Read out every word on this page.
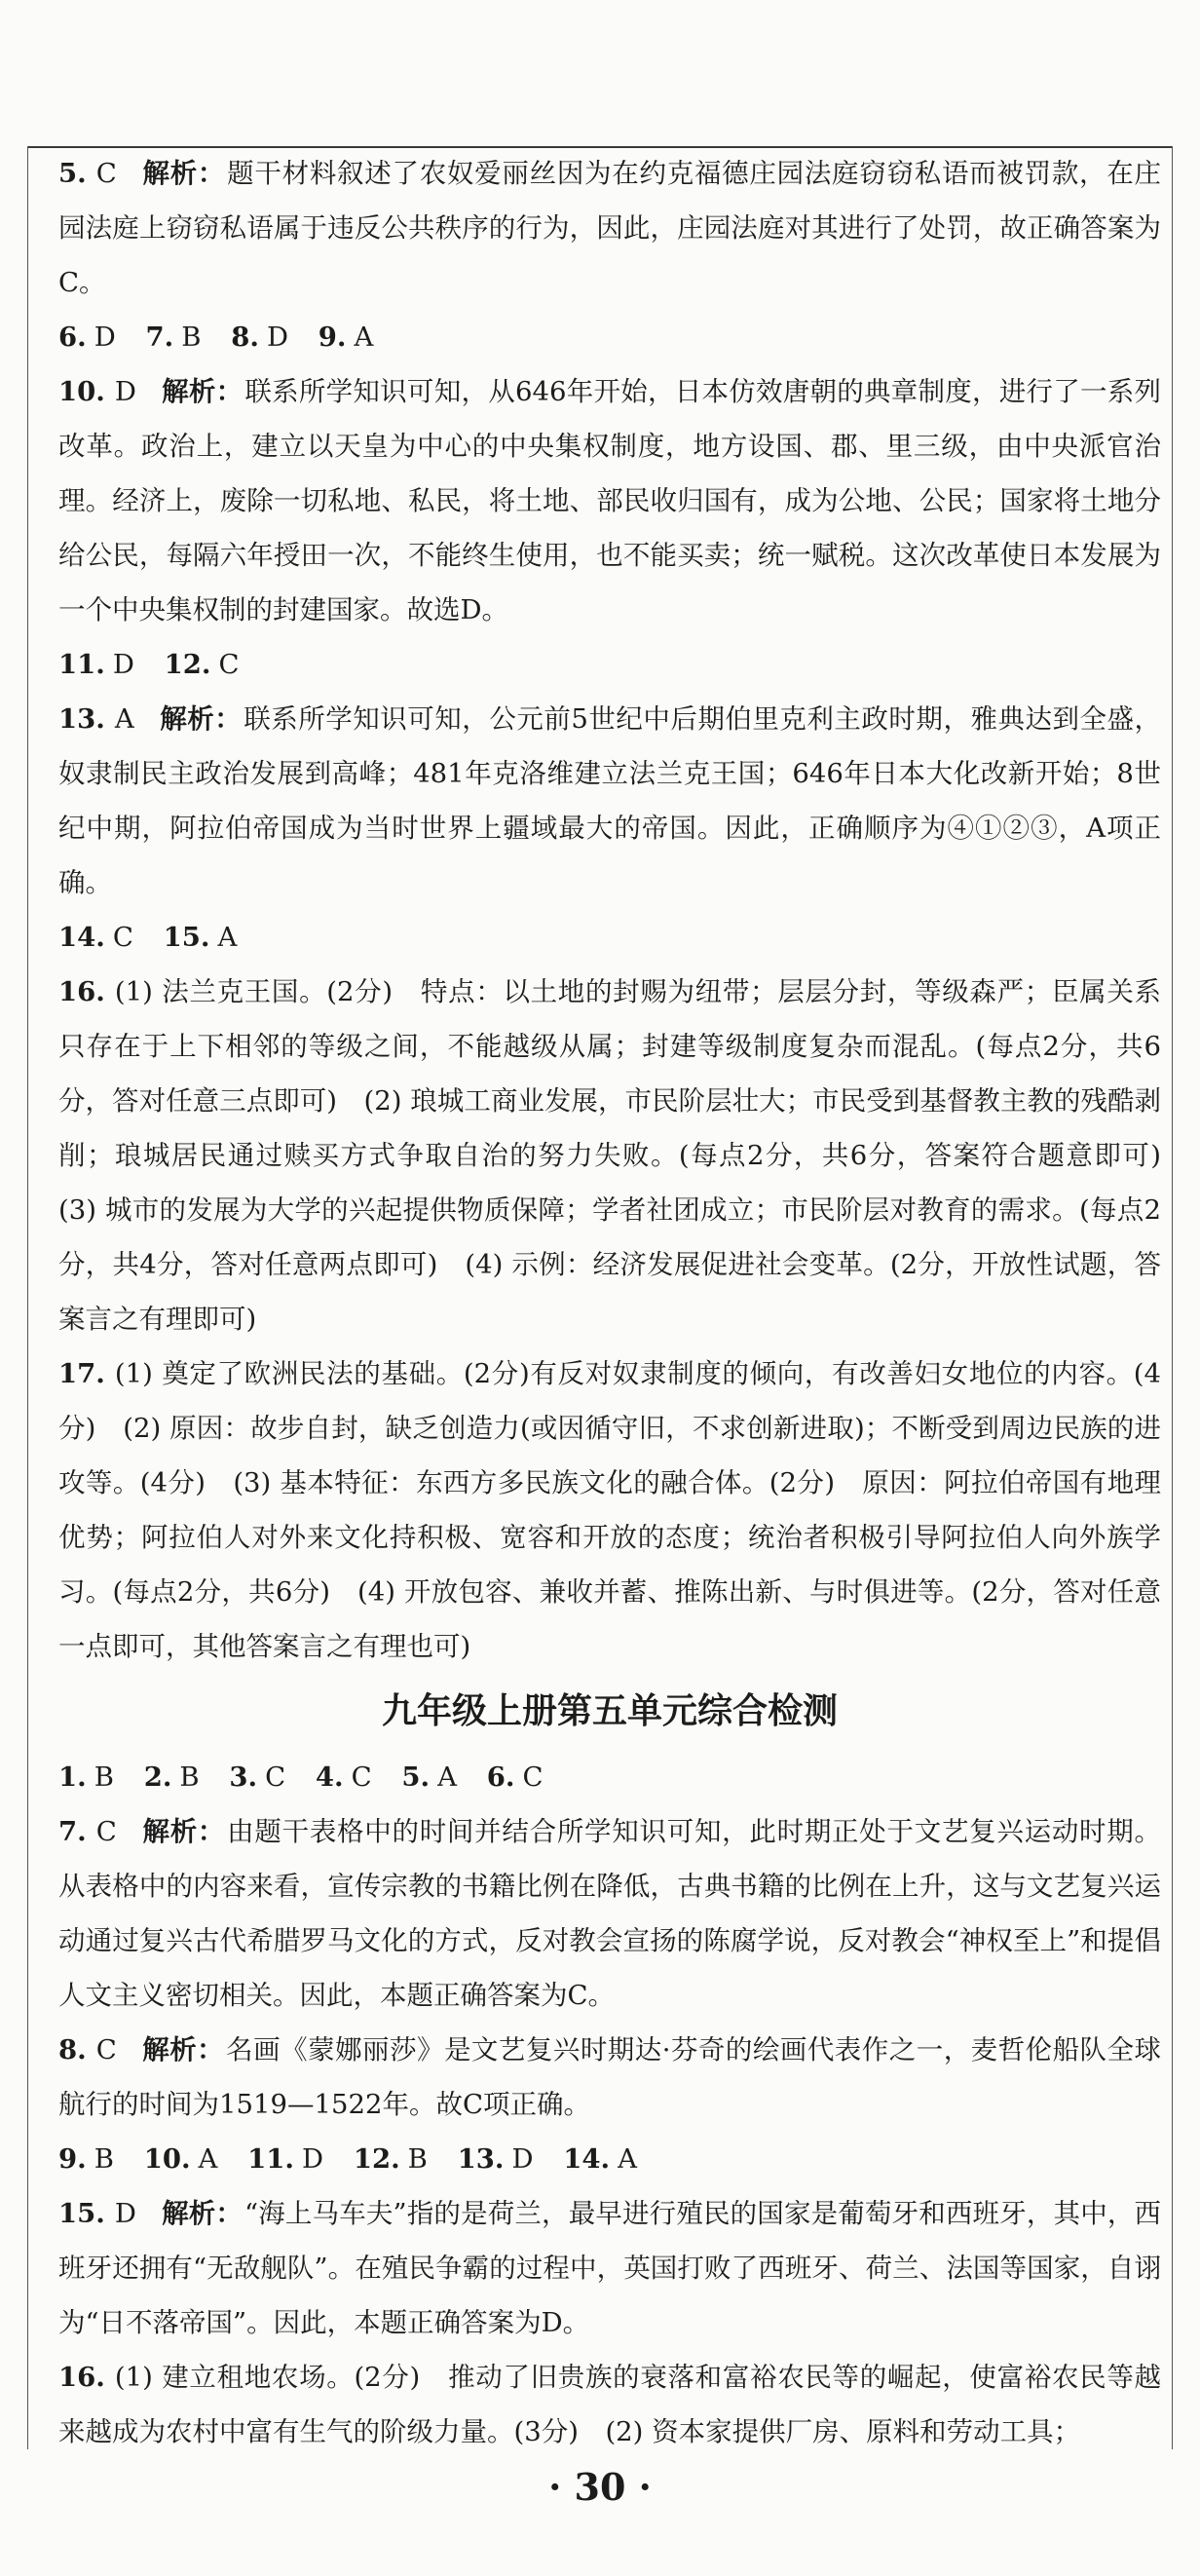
5. C 解析：题干材料叙述了农奴爱丽丝因为在约克福德庄园法庭窃窃私语而被罚款，在庄园法庭上窃窃私语属于违反公共秩序的行为，因此，庄园法庭对其进行了处罚，故正确答案为C。

6. D 7. B 8. D 9. A

10. D 解析：联系所学知识可知，从646年开始，日本仿效唐朝的典章制度，进行了一系列改革。政治上，建立以天皇为中心的中央集权制度，地方设国、郡、里三级，由中央派官治理。经济上，废除一切私地、私民，将土地、部民收归国有，成为公地、公民；国家将土地分给公民，每隔六年授田一次，不能终生使用，也不能买卖；统一赋税。这次改革使日本发展为一个中央集权制的封建国家。故选D。

11. D 12. C

13. A 解析：联系所学知识可知，公元前5世纪中后期伯里克利主政时期，雅典达到全盛，奴隶制民主政治发展到高峰；481年克洛维建立法兰克王国；646年日本大化改新开始；8世纪中期，阿拉伯帝国成为当时世界上疆域最大的帝国。因此，正确顺序为④①②③，A项正确。

14. C 15. A

16. (1) 法兰克王国。(2分)　特点：以土地的封赐为纽带；层层分封，等级森严；臣属关系只存在于上下相邻的等级之间，不能越级从属；封建等级制度复杂而混乱。(每点2分，共6分，答对任意三点即可)　(2) 琅城工商业发展，市民阶层壮大；市民受到基督教主教的残酷剥削；琅城居民通过赎买方式争取自治的努力失败。(每点2分，共6分，答案符合题意即可)　(3) 城市的发展为大学的兴起提供物质保障；学者社团成立；市民阶层对教育的需求。(每点2分，共4分，答对任意两点即可)　(4) 示例：经济发展促进社会变革。(2分，开放性试题，答案言之有理即可)

17. (1) 奠定了欧洲民法的基础。(2分)有反对奴隶制度的倾向，有改善妇女地位的内容。(4分)　(2) 原因：故步自封，缺乏创造力(或因循守旧，不求创新进取)；不断受到周边民族的进攻等。(4分)　(3) 基本特征：东西方多民族文化的融合体。(2分)　原因：阿拉伯帝国有地理优势；阿拉伯人对外来文化持积极、宽容和开放的态度；统治者积极引导阿拉伯人向外族学习。(每点2分，共6分)　(4) 开放包容、兼收并蓄、推陈出新、与时俱进等。(2分，答对任意一点即可，其他答案言之有理也可)

九年级上册第五单元综合检测

1. B 2. B 3. C 4. C 5. A 6. C

7. C 解析：由题干表格中的时间并结合所学知识可知，此时期正处于文艺复兴运动时期。从表格中的内容来看，宣传宗教的书籍比例在降低，古典书籍的比例在上升，这与文艺复兴运动通过复兴古代希腊罗马文化的方式，反对教会宣扬的陈腐学说，反对教会“神权至上”和提倡人文主义密切相关。因此，本题正确答案为C。

8. C 解析：名画《蒙娜丽莎》是文艺复兴时期达·芬奇的绘画代表作之一，麦哲伦船队全球航行的时间为1519—1522年。故C项正确。

9. B 10. A 11. D 12. B 13. D 14. A

15. D 解析：“海上马车夫”指的是荷兰，最早进行殖民的国家是葡萄牙和西班牙，其中，西班牙还拥有“无敌舰队”。在殖民争霸的过程中，英国打败了西班牙、荷兰、法国等国家，自诩为“日不落帝国”。因此，本题正确答案为D。

16. (1) 建立租地农场。(2分)　推动了旧贵族的衰落和富裕农民等的崛起，使富裕农民等越来越成为农村中富有生气的阶级力量。(3分)　(2) 资本家提供厂房、原料和劳动工具；

· 30 ·
